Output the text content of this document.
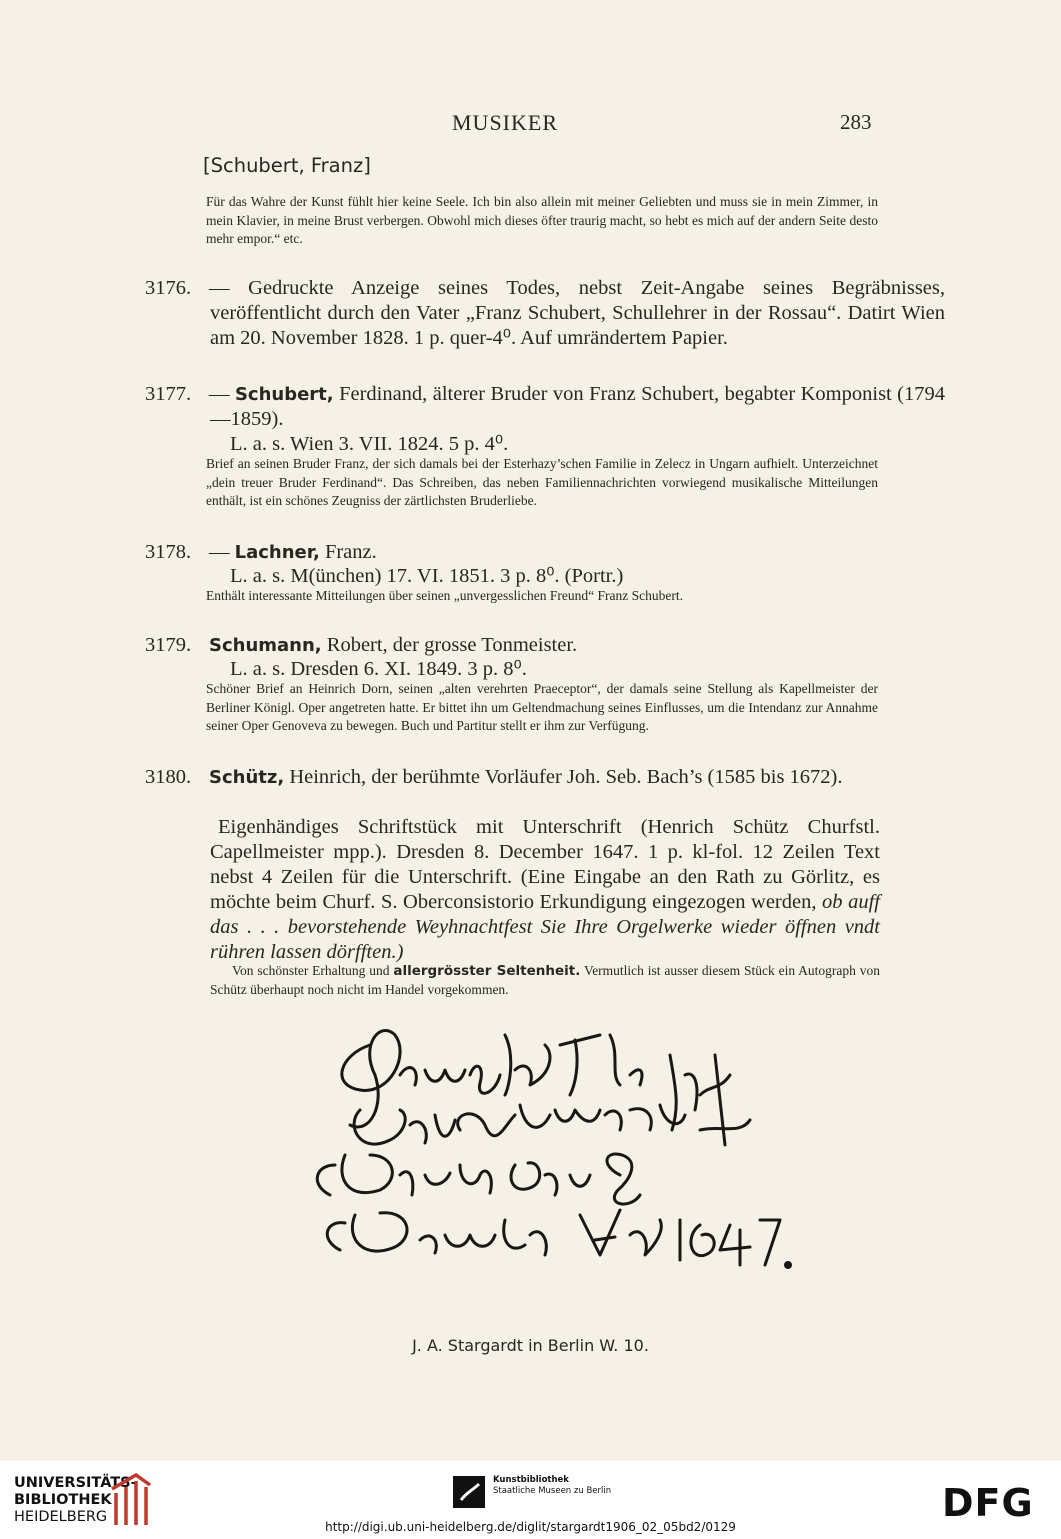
MUSIKER	283
[Schubert, Franz]
Für das Wahre der Kunst fühlt hier keine Seele. Ich bin also allein mit meiner Geliebten und muss sie in mein Zimmer, in mein Klavier, in meine Brust verbergen. Obwohl mich dieses öfter traurig macht, so hebt es mich auf der andern Seite desto mehr empor.“ etc.
3176. — Gedruckte Anzeige seines Todes, nebst Zeit-Angabe seines Begräbnisses, veröffentlicht durch den Vater „Franz Schubert, Schullehrer in der Rossau“. Datirt Wien am 20. November 1828. 1 p. quer-4⁰. Auf umrändertem Papier.
3177. — Schubert, Ferdinand, älterer Bruder von Franz Schubert, begabter Komponist (1794—1859).
L. a. s. Wien 3. VII. 1824. 5 p. 4⁰.
Brief an seinen Bruder Franz, der sich damals bei der Esterhazy’schen Familie in Zelecz in Ungarn aufhielt. Unterzeichnet „dein treuer Bruder Ferdinand“. Das Schreiben, das neben Familiennachrichten vorwiegend musikalische Mitteilungen enthält, ist ein schönes Zeugniss der zärtlichsten Bruderliebe.
3178. — Lachner, Franz.
L. a. s. M(ünchen) 17. VI. 1851. 3 p. 8⁰. (Portr.)
Enthält interessante Mitteilungen über seinen „unvergesslichen Freund“ Franz Schubert.
3179. Schumann, Robert, der grosse Tonmeister.
L. a. s. Dresden 6. XI. 1849. 3 p. 8⁰.
Schöner Brief an Heinrich Dorn, seinen „alten verehrten Praeceptor“, der damals seine Stellung als Kapellmeister der Berliner Königl. Oper angetreten hatte. Er bittet ihn um Geltendmachung seines Einflusses, um die Intendanz zur Annahme seiner Oper Genoveva zu bewegen. Buch und Partitur stellt er ihm zur Verfügung.
3180. Schütz, Heinrich, der berühmte Vorläufer Joh. Seb. Bach’s (1585 bis 1672).
Eigenhändiges Schriftstück mit Unterschrift (Henrich Schütz Churfstl. Capellmeister mpp.). Dresden 8. December 1647. 1 p. kl-fol. 12 Zeilen Text nebst 4 Zeilen für die Unterschrift. (Eine Eingabe an den Rath zu Görlitz, es möchte beim Churf. S. Oberconsistorio Erkundigung eingezogen werden, ob auff das . . . bevorstehende Weyhnachtfest Sie Ihre Orgelwerke wieder öffnen vndt rühren lassen dörfften.)
Von schönster Erhaltung und allergrösster Seltenheit. Vermutlich ist ausser diesem Stück ein Autograph von Schütz überhaupt noch nicht im Handel vorgekommen.
J. A. Stargardt in Berlin W. 10.
UNIVERSITÄTS-
BIBLIOTHEK
HEIDELBERG
Kunstbibliothek
Staatliche Museen zu Berlin	DFG
http://digi.ub.uni-heidelberg.de/diglit/stargardt1906_02_05bd2/0129
